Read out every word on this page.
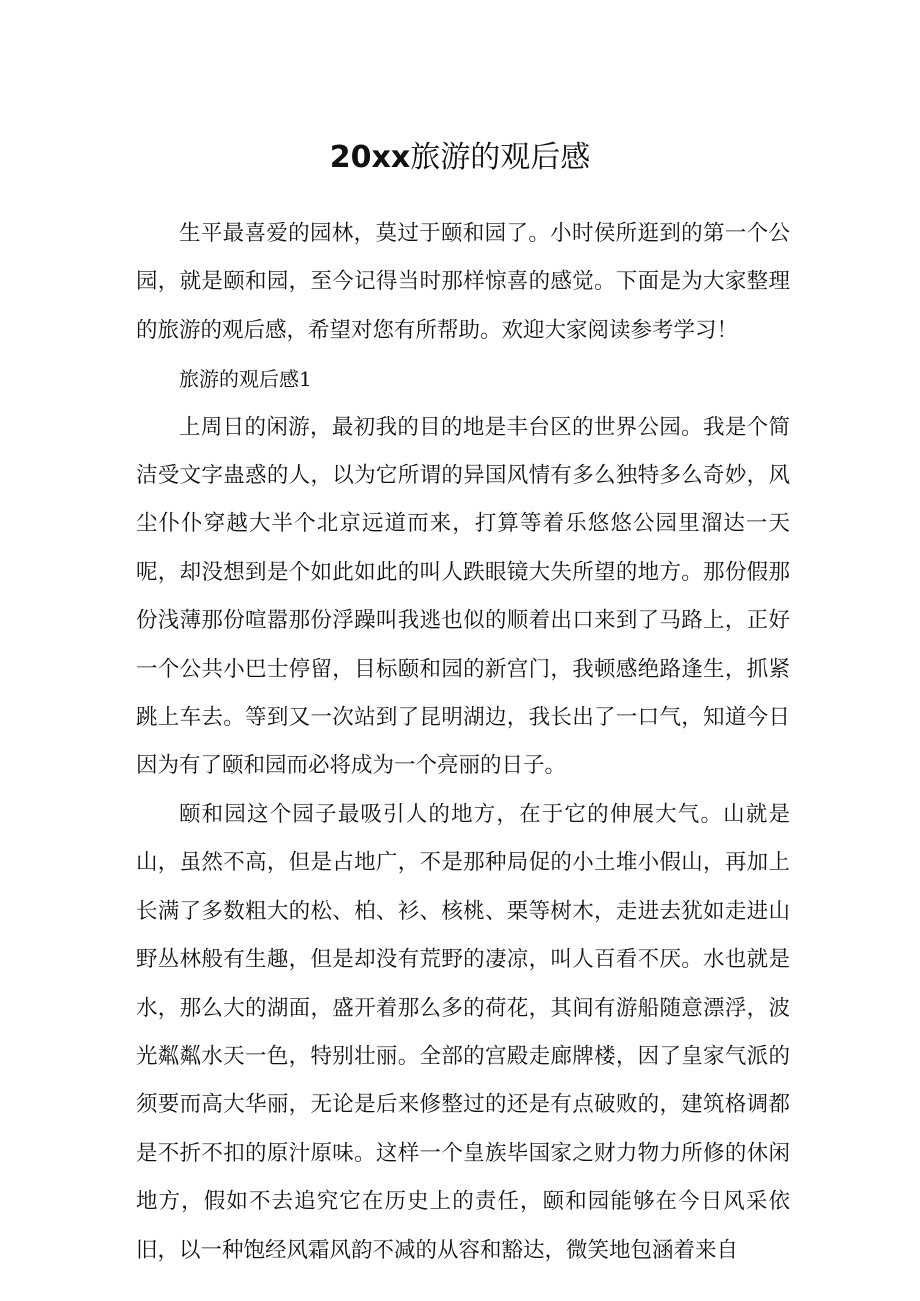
20xx旅游的观后感

生平最喜爱的园林，莫过于颐和园了。小时侯所逛到的第一个公园，就是颐和园，至今记得当时那样惊喜的感觉。下面是为大家整理的旅游的观后感，希望对您有所帮助。欢迎大家阅读参考学习！

旅游的观后感1

上周日的闲游，最初我的目的地是丰台区的世界公园。我是个简洁受文字蛊惑的人，以为它所谓的异国风情有多么独特多么奇妙，风尘仆仆穿越大半个北京远道而来，打算等着乐悠悠公园里溜达一天呢，却没想到是个如此如此的叫人跌眼镜大失所望的地方。那份假那份浅薄那份喧嚣那份浮躁叫我逃也似的顺着出口来到了马路上，正好一个公共小巴士停留，目标颐和园的新宫门，我顿感绝路逢生，抓紧跳上车去。等到又一次站到了昆明湖边，我长出了一口气，知道今日因为有了颐和园而必将成为一个亮丽的日子。

颐和园这个园子最吸引人的地方，在于它的伸展大气。山就是山，虽然不高，但是占地广，不是那种局促的小土堆小假山，再加上长满了多数粗大的松、柏、衫、核桃、栗等树木，走进去犹如走进山野丛林般有生趣，但是却没有荒野的凄凉，叫人百看不厌。水也就是水，那么大的湖面，盛开着那么多的荷花，其间有游船随意漂浮，波光粼粼水天一色，特别壮丽。全部的宫殿走廊牌楼，因了皇家气派的须要而高大华丽，无论是后来修整过的还是有点破败的，建筑格调都是不折不扣的原汁原味。这样一个皇族毕国家之财力物力所修的休闲地方，假如不去追究它在历史上的责任，颐和园能够在今日风采依旧，以一种饱经风霜风韵不减的从容和豁达，微笑地包涵着来自
